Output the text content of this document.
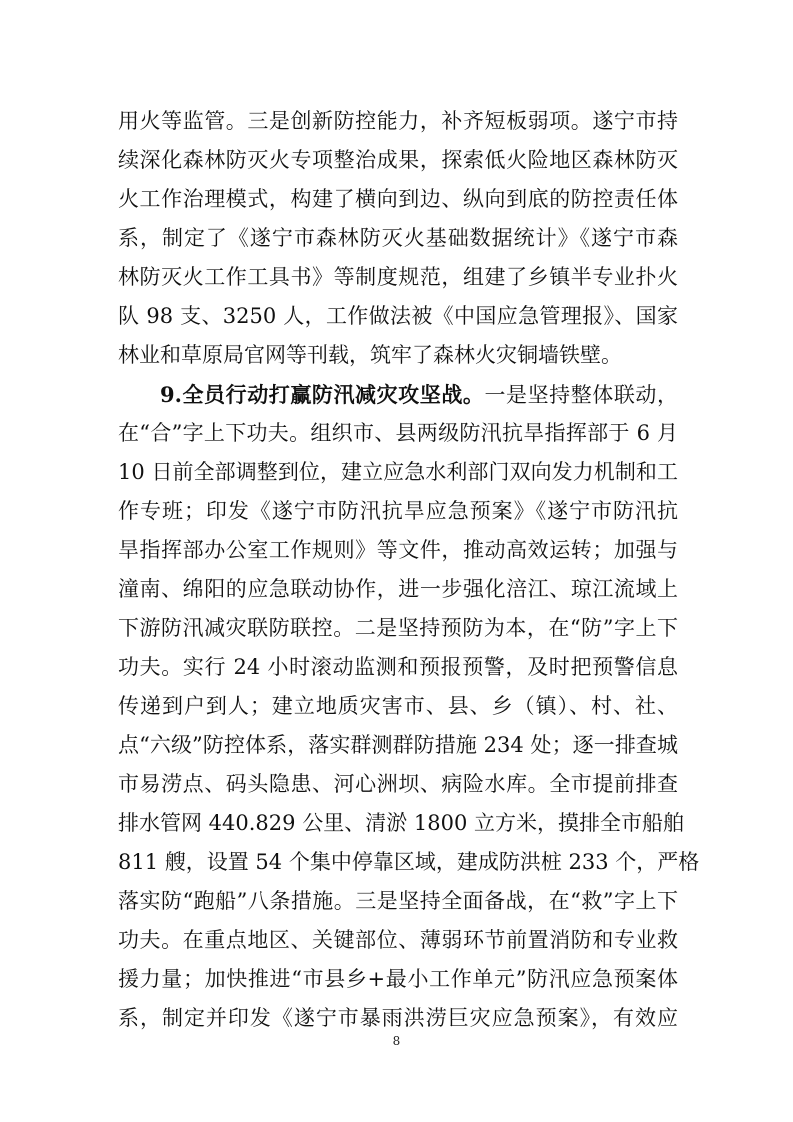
用火等监管。三是创新防控能力，补齐短板弱项。遂宁市持
续深化森林防灭火专项整治成果，探索低火险地区森林防灭
火工作治理模式，构建了横向到边、纵向到底的防控责任体
系，制定了《遂宁市森林防灭火基础数据统计》《遂宁市森
林防灭火工作工具书》等制度规范，组建了乡镇半专业扑火
队 98 支、3250 人，工作做法被《中国应急管理报》、国家
林业和草原局官网等刊载，筑牢了森林火灾铜墙铁壁。
9.全员行动打赢防汛减灾攻坚战。一是坚持整体联动，
在“合”字上下功夫。组织市、县两级防汛抗旱指挥部于 6 月
10 日前全部调整到位，建立应急水利部门双向发力机制和工
作专班；印发《遂宁市防汛抗旱应急预案》《遂宁市防汛抗
旱指挥部办公室工作规则》等文件，推动高效运转；加强与
潼南、绵阳的应急联动协作，进一步强化涪江、琼江流域上
下游防汛减灾联防联控。二是坚持预防为本，在“防”字上下
功夫。实行 24 小时滚动监测和预报预警，及时把预警信息
传递到户到人；建立地质灾害市、县、乡（镇）、村、社、
点“六级”防控体系，落实群测群防措施 234 处；逐一排查城
市易涝点、码头隐患、河心洲坝、病险水库。全市提前排查
排水管网 440.829 公里、清淤 1800 立方米，摸排全市船舶
811 艘，设置 54 个集中停靠区域，建成防洪桩 233 个，严格
落实防“跑船”八条措施。三是坚持全面备战，在“救”字上下
功夫。在重点地区、关键部位、薄弱环节前置消防和专业救
援力量；加快推进“市县乡+最小工作单元”防汛应急预案体
系，制定并印发《遂宁市暴雨洪涝巨灾应急预案》，有效应
8
